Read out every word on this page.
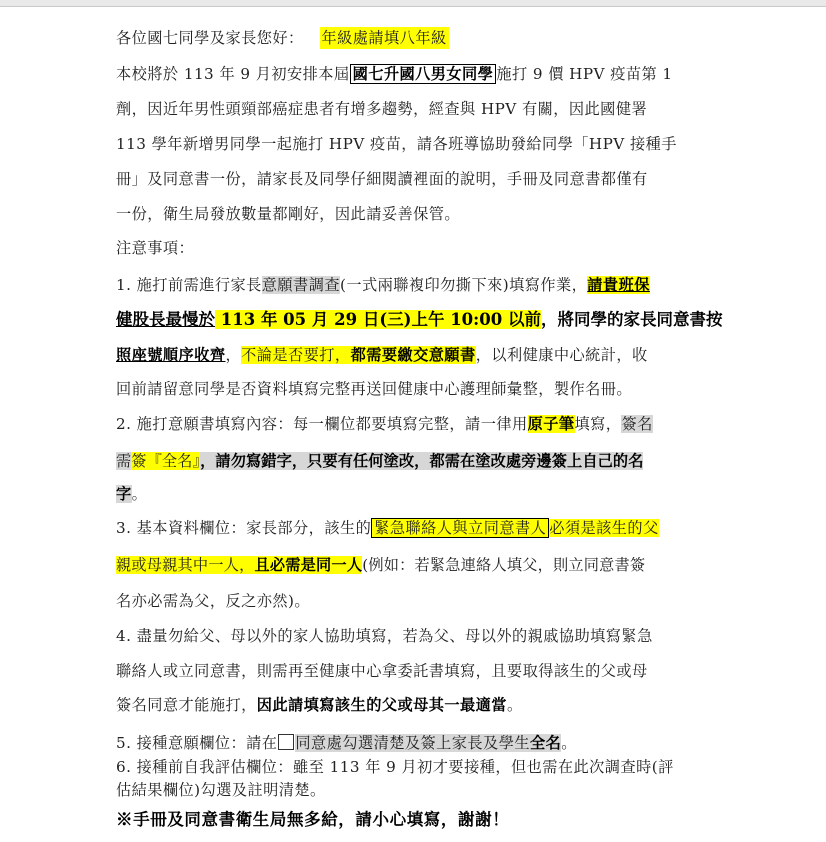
各位國七同學及家長您好： 年級處請填八年級
本校將於 113 年 9 月初安排本屆 國七升國八男女同學 施打 9 價 HPV 疫苗第 1
劑，因近年男性頭頸部癌症患者有增多趨勢，經查與 HPV 有關，因此國健署
113 學年新增男同學一起施打 HPV 疫苗，請各班導協助發給同學「HPV 接種手
冊」及同意書一份，請家長及同學仔細閱讀裡面的說明，手冊及同意書都僅有
一份，衛生局發放數量都剛好，因此請妥善保管。
注意事項：
1. 施打前需進行家長意願書調查(一式兩聯複印勿撕下來)填寫作業，請貴班保
健股長最慢於 113 年 05 月 29 日(三)上午 10:00 以前，將同學的家長同意書按
照座號順序收齊，不論是否要打，都需要繳交意願書，以利健康中心統計，收
回前請留意同學是否資料填寫完整再送回健康中心護理師彙整，製作名冊。
2. 施打意願書填寫內容：每一欄位都要填寫完整，請一律用原子筆填寫，簽名
需簽『全名』，請勿寫錯字，只要有任何塗改，都需在塗改處旁邊簽上自己的名
字。
3. 基本資料欄位：家長部分，該生的 緊急聯絡人與立同意書人 必須是該生的父
親或母親其中一人，且必需是同一人(例如：若緊急連絡人填父，則立同意書簽
名亦必需為父，反之亦然)。
4. 盡量勿給父、母以外的家人協助填寫，若為父、母以外的親戚協助填寫緊急
聯絡人或立同意書，則需再至健康中心拿委託書填寫，且要取得該生的父或母
簽名同意才能施打，因此請填寫該生的父或母其一最適當。
5. 接種意願欄位：請在 同意處勾選清楚及簽上家長及學生全名。
6. 接種前自我評估欄位：雖至 113 年 9 月初才要接種，但也需在此次調查時(評
估結果欄位)勾選及註明清楚。
※手冊及同意書衛生局無多給，請小心填寫，謝謝！
